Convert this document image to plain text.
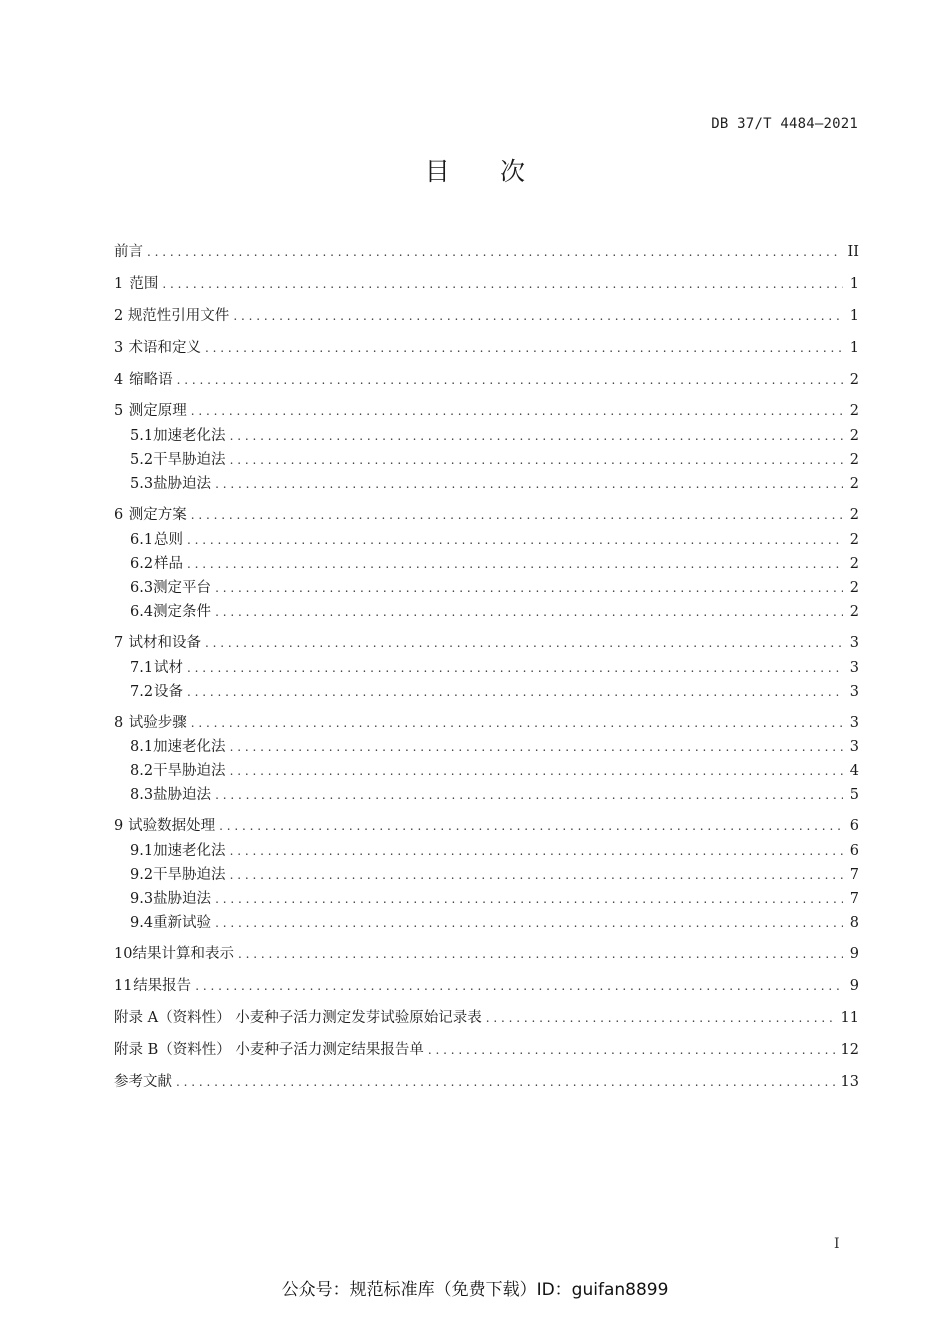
DB 37/T 4484—2021
目 次
前言 . . .	II
1 范围 . . .	1
2 规范性引用文件 . . .	1
3 术语和定义 . . .	1
4 缩略语 . . .	2
5 测定原理 . . .	2
5.1 加速老化法 . . .	2
5.2 干旱胁迫法 . . .	2
5.3 盐胁迫法 . . .	2
6 测定方案 . . .	2
6.1 总则 . . .	2
6.2 样品 . . .	2
6.3 测定平台 . . .	2
6.4 测定条件 . . .	2
7 试材和设备 . . .	3
7.1 试材 . . .	3
7.2 设备 . . .	3
8 试验步骤 . . .	3
8.1 加速老化法 . . .	3
8.2 干旱胁迫法 . . .	4
8.3 盐胁迫法 . . .	5
9 试验数据处理 . . .	6
9.1 加速老化法 . . .	6
9.2 干旱胁迫法 . . .	7
9.3 盐胁迫法 . . .	7
9.4 重新试验 . . .	8
10 结果计算和表示 . . .	9
11 结果报告 . . .	9
附录 A（资料性） 小麦种子活力测定发芽试验原始记录表 . . .	11
附录 B（资料性） 小麦种子活力测定结果报告单 . . .	12
参考文献 . . .	13
I
公众号：规范标准库（免费下载）ID：guifan8899
